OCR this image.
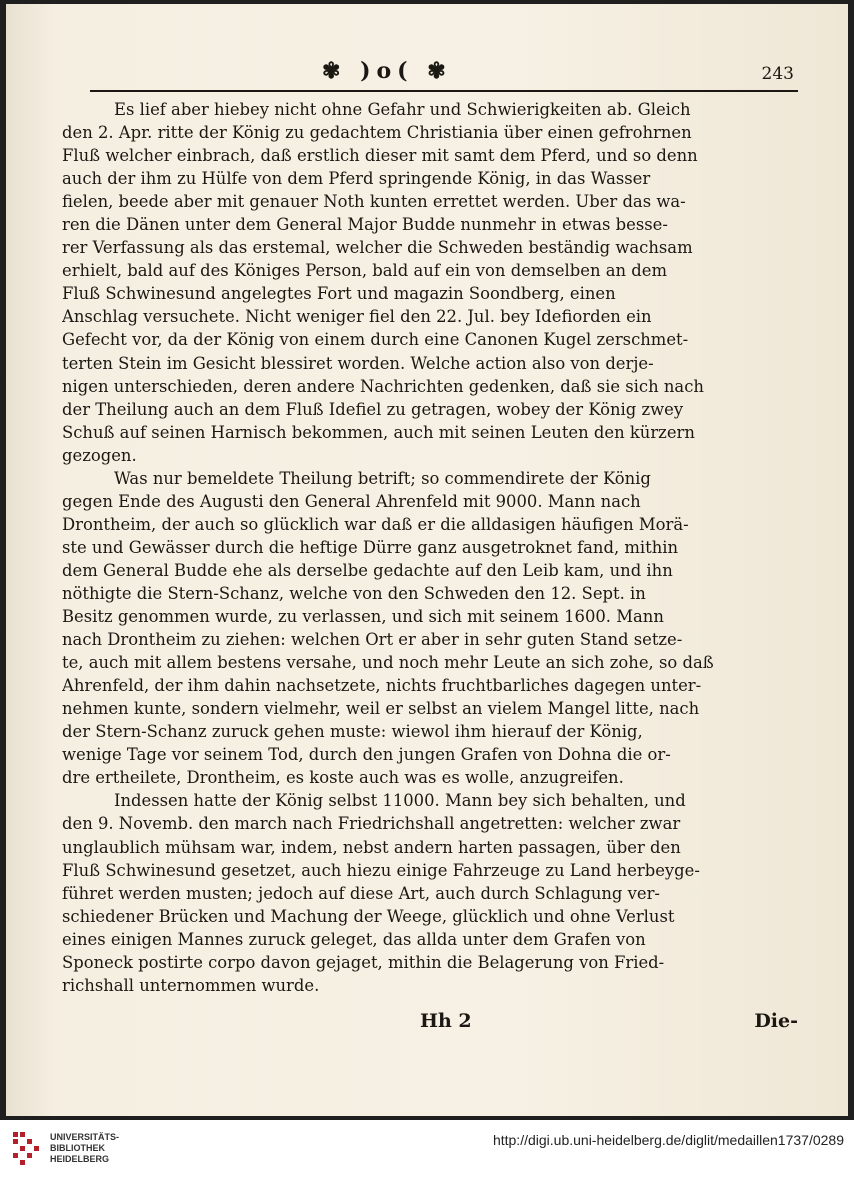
✾ )o( ✾	243
Es lief aber hiebey nicht ohne Gefahr und Schwierigkeiten ab. Gleich
den 2. Apr. ritte der König zu gedachtem Christiania über einen gefrohrnen
Fluß welcher einbrach, daß erstlich dieser mit samt dem Pferd, und so denn
auch der ihm zu Hülfe von dem Pferd springende König, in das Wasser
fielen, beede aber mit genauer Noth kunten errettet werden. Uber das wa-
ren die Dänen unter dem General Major Budde nunmehr in etwas besse-
rer Verfassung als das erstemal, welcher die Schweden beständig wachsam
erhielt, bald auf des Königes Person, bald auf ein von demselben an dem
Fluß Schwinesund angelegtes Fort und magazin Soondberg, einen
Anschlag versuchete. Nicht weniger fiel den 22. Jul. bey Idefiorden ein
Gefecht vor, da der König von einem durch eine Canonen Kugel zerschmet-
terten Stein im Gesicht blessiret worden. Welche action also von derje-
nigen unterschieden, deren andere Nachrichten gedenken, daß sie sich nach
der Theilung auch an dem Fluß Idefiel zu getragen, wobey der König zwey
Schuß auf seinen Harnisch bekommen, auch mit seinen Leuten den kürzern
gezogen.
Was nur bemeldete Theilung betrift; so commendirete der König
gegen Ende des Augusti den General Ahrenfeld mit 9000. Mann nach
Drontheim, der auch so glücklich war daß er die alldasigen häufigen Morä-
ste und Gewässer durch die heftige Dürre ganz ausgetroknet fand, mithin
dem General Budde ehe als derselbe gedachte auf den Leib kam, und ihn
nöthigte die Stern-Schanz, welche von den Schweden den 12. Sept. in
Besitz genommen wurde, zu verlassen, und sich mit seinem 1600. Mann
nach Drontheim zu ziehen: welchen Ort er aber in sehr guten Stand setze-
te, auch mit allem bestens versahe, und noch mehr Leute an sich zohe, so daß
Ahrenfeld, der ihm dahin nachsetzete, nichts fruchtbarliches dagegen unter-
nehmen kunte, sondern vielmehr, weil er selbst an vielem Mangel litte, nach
der Stern-Schanz zuruck gehen muste: wiewol ihm hierauf der König,
wenige Tage vor seinem Tod, durch den jungen Grafen von Dohna die or-
dre ertheilete, Drontheim, es koste auch was es wolle, anzugreifen.
Indessen hatte der König selbst 11000. Mann bey sich behalten, und
den 9. Novemb. den march nach Friedrichshall angetretten: welcher zwar
unglaublich mühsam war, indem, nebst andern harten passagen, über den
Fluß Schwinesund gesetzet, auch hiezu einige Fahrzeuge zu Land herbeyge-
führet werden musten; jedoch auf diese Art, auch durch Schlagung ver-
schiedener Brücken und Machung der Weege, glücklich und ohne Verlust
eines einigen Mannes zuruck geleget, das allda unter dem Grafen von
Sponeck postirte corpo davon gejaget, mithin die Belagerung von Fried-
richshall unternommen wurde.
Hh 2	Die-
UNIVERSITÄTS-
BIBLIOTHEK
HEIDELBERG
http://digi.ub.uni-heidelberg.de/diglit/medaillen1737/0289
